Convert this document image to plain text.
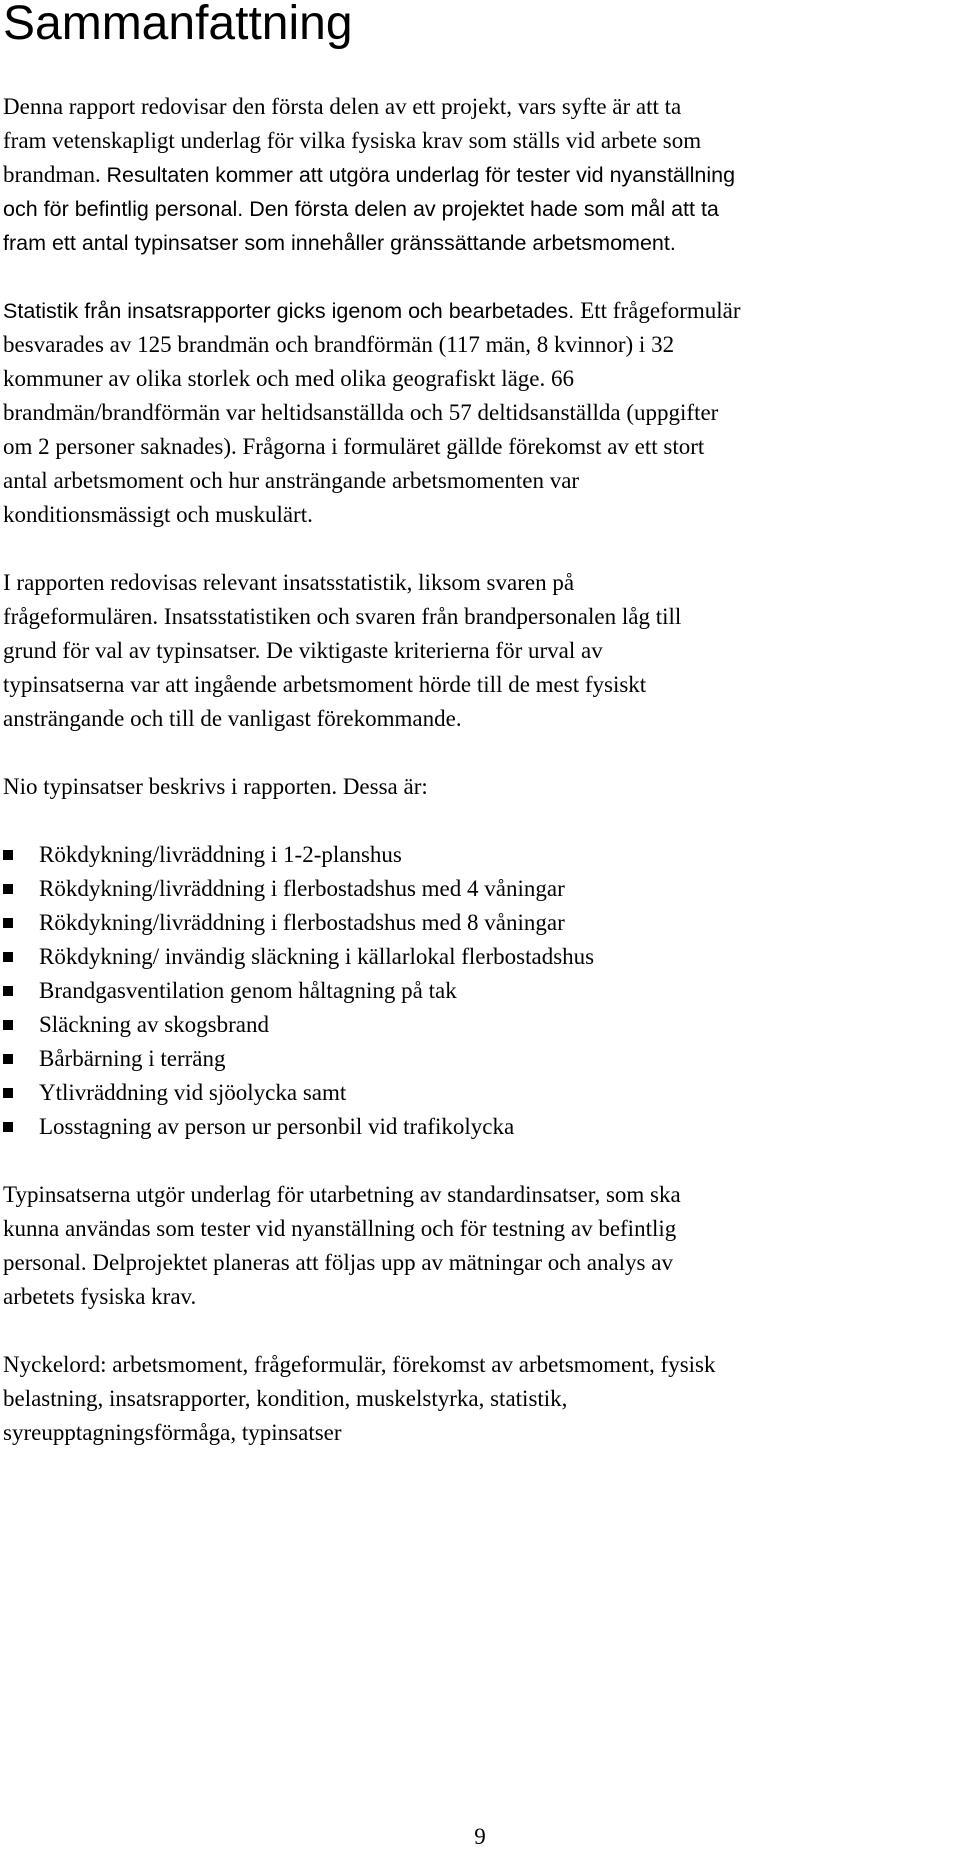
Sammanfattning

Denna rapport redovisar den första delen av ett projekt, vars syfte är att ta
fram vetenskapligt underlag för vilka fysiska krav som ställs vid arbete som
brandman. Resultaten kommer att utgöra underlag för tester vid nyanställning
och för befintlig personal. Den första delen av projektet hade som mål att ta
fram ett antal typinsatser som innehåller gränssättande arbetsmoment.

Statistik från insatsrapporter gicks igenom och bearbetades. Ett frågeformulär
besvarades av 125 brandmän och brandförmän (117 män, 8 kvinnor) i 32
kommuner av olika storlek och med olika geografiskt läge. 66
brandmän/brandförmän var heltidsanställda och 57 deltidsanställda (uppgifter
om 2 personer saknades). Frågorna i formuläret gällde förekomst av ett stort
antal arbetsmoment och hur ansträngande arbetsmomenten var
konditionsmässigt och muskulärt.

I rapporten redovisas relevant insatsstatistik, liksom svaren på
frågeformulären. Insatsstatistiken och svaren från brandpersonalen låg till
grund för val av typinsatser. De viktigaste kriterierna för urval av
typinsatserna var att ingående arbetsmoment hörde till de mest fysiskt
ansträngande och till de vanligast förekommande.

Nio typinsatser beskrivs i rapporten. Dessa är:

Rökdykning/livräddning i 1-2-planshus
Rökdykning/livräddning i flerbostadshus med 4 våningar
Rökdykning/livräddning i flerbostadshus med 8 våningar
Rökdykning/ invändig släckning i källarlokal flerbostadshus
Brandgasventilation genom håltagning på tak
Släckning av skogsbrand
Bårbärning i terräng
Ytlivräddning vid sjöolycka samt
Losstagning av person ur personbil vid trafikolycka

Typinsatserna utgör underlag för utarbetning av standardinsatser, som ska
kunna användas som tester vid nyanställning och för testning av befintlig
personal. Delprojektet planeras att följas upp av mätningar och analys av
arbetets fysiska krav.

Nyckelord: arbetsmoment, frågeformulär, förekomst av arbetsmoment, fysisk
belastning, insatsrapporter, kondition, muskelstyrka, statistik,
syreupptagningsförmåga, typinsatser

9
